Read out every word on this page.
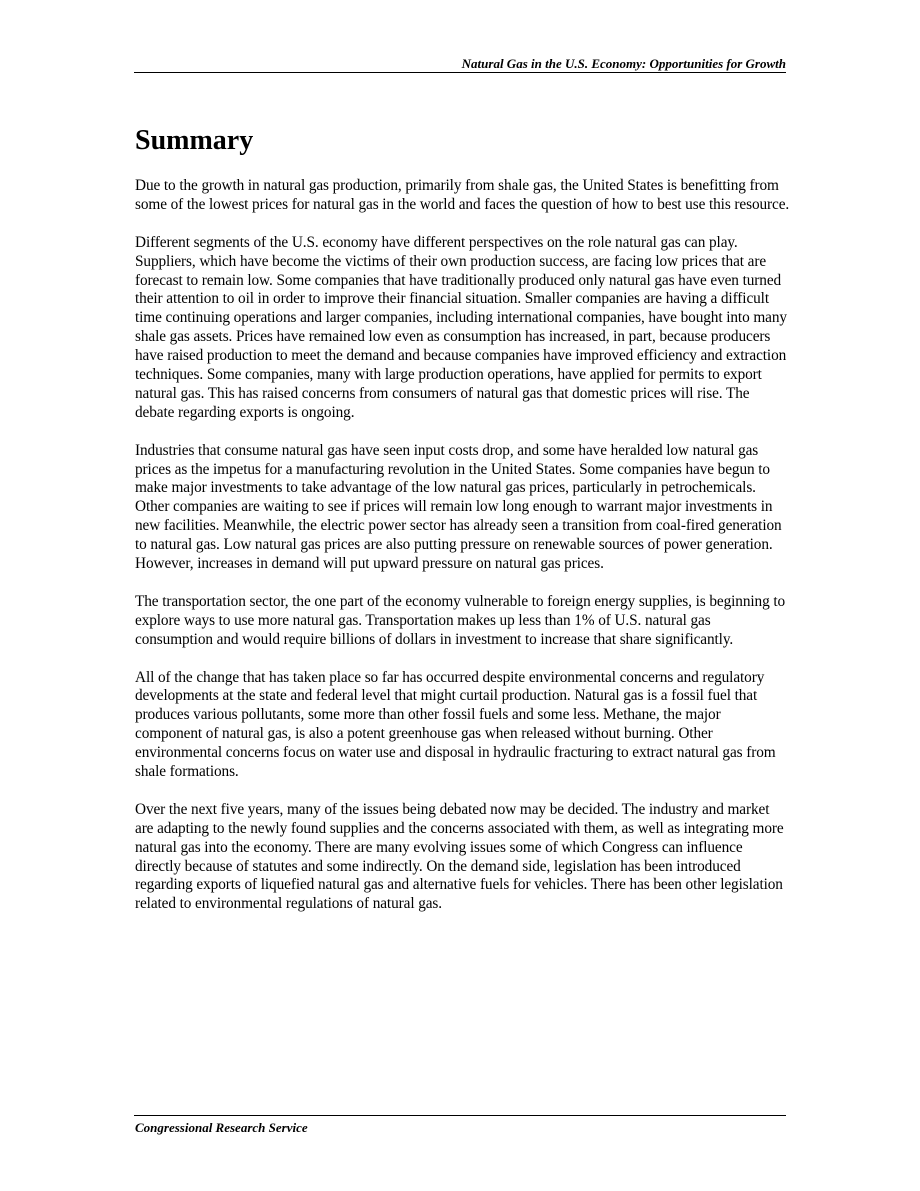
Natural Gas in the U.S. Economy: Opportunities for Growth
Summary

Due to the growth in natural gas production, primarily from shale gas, the United States is benefitting from some of the lowest prices for natural gas in the world and faces the question of how to best use this resource.

Different segments of the U.S. economy have different perspectives on the role natural gas can play. Suppliers, which have become the victims of their own production success, are facing low prices that are forecast to remain low. Some companies that have traditionally produced only natural gas have even turned their attention to oil in order to improve their financial situation. Smaller companies are having a difficult time continuing operations and larger companies, including international companies, have bought into many shale gas assets. Prices have remained low even as consumption has increased, in part, because producers have raised production to meet the demand and because companies have improved efficiency and extraction techniques. Some companies, many with large production operations, have applied for permits to export natural gas. This has raised concerns from consumers of natural gas that domestic prices will rise. The debate regarding exports is ongoing.

Industries that consume natural gas have seen input costs drop, and some have heralded low natural gas prices as the impetus for a manufacturing revolution in the United States. Some companies have begun to make major investments to take advantage of the low natural gas prices, particularly in petrochemicals. Other companies are waiting to see if prices will remain low long enough to warrant major investments in new facilities. Meanwhile, the electric power sector has already seen a transition from coal-fired generation to natural gas. Low natural gas prices are also putting pressure on renewable sources of power generation. However, increases in demand will put upward pressure on natural gas prices.

The transportation sector, the one part of the economy vulnerable to foreign energy supplies, is beginning to explore ways to use more natural gas. Transportation makes up less than 1% of U.S. natural gas consumption and would require billions of dollars in investment to increase that share significantly.

All of the change that has taken place so far has occurred despite environmental concerns and regulatory developments at the state and federal level that might curtail production. Natural gas is a fossil fuel that produces various pollutants, some more than other fossil fuels and some less. Methane, the major component of natural gas, is also a potent greenhouse gas when released without burning. Other environmental concerns focus on water use and disposal in hydraulic fracturing to extract natural gas from shale formations.

Over the next five years, many of the issues being debated now may be decided. The industry and market are adapting to the newly found supplies and the concerns associated with them, as well as integrating more natural gas into the economy. There are many evolving issues some of which Congress can influence directly because of statutes and some indirectly. On the demand side, legislation has been introduced regarding exports of liquefied natural gas and alternative fuels for vehicles. There has been other legislation related to environmental regulations of natural gas.

Congressional Research Service
